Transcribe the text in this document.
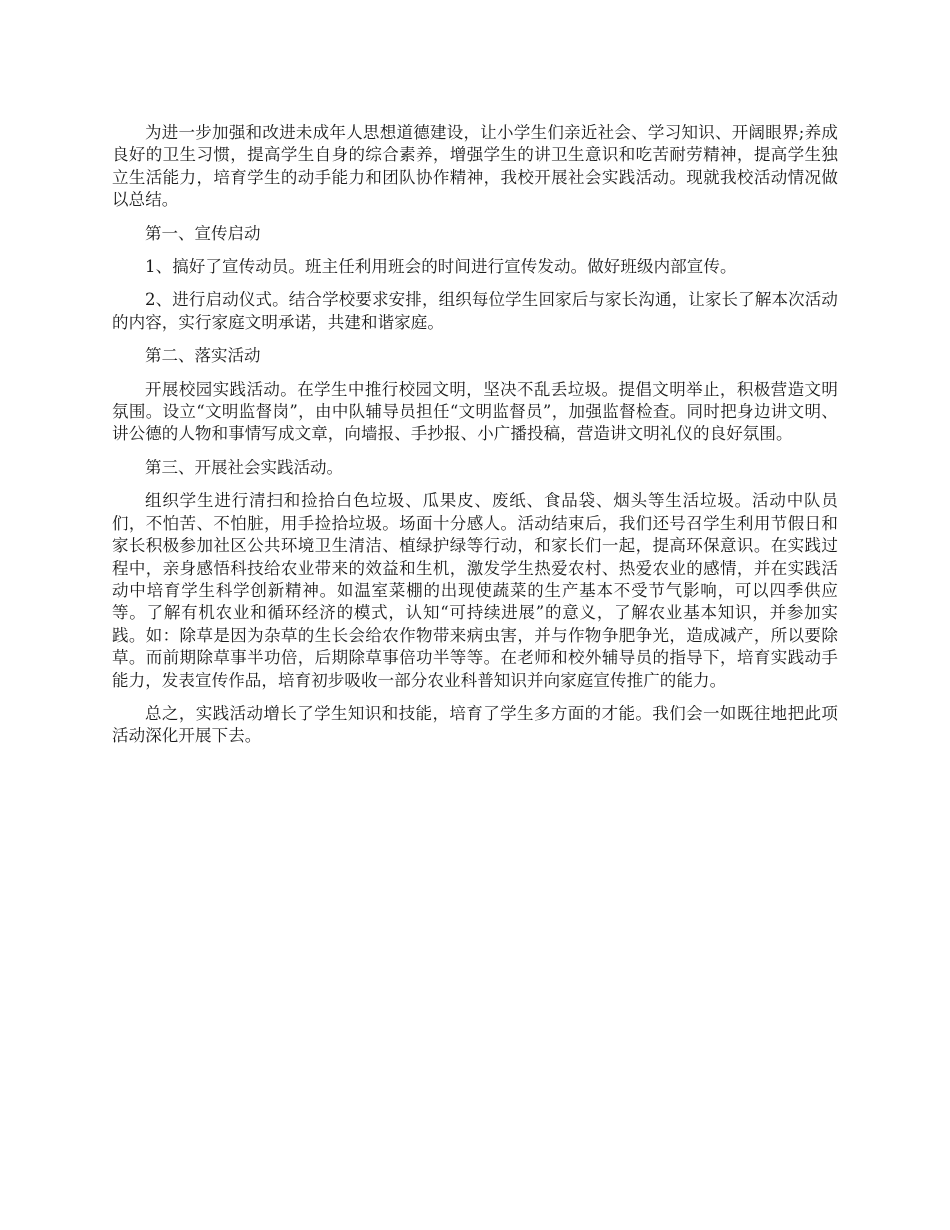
为进一步加强和改进未成年人思想道德建设，让小学生们亲近社会、学习知识、开阔眼界;养成良好的卫生习惯，提高学生自身的综合素养，增强学生的讲卫生意识和吃苦耐劳精神，提高学生独立生活能力，培育学生的动手能力和团队协作精神，我校开展社会实践活动。现就我校活动情况做以总结。

第一、宣传启动

1、搞好了宣传动员。班主任利用班会的时间进行宣传发动。做好班级内部宣传。

2、进行启动仪式。结合学校要求安排，组织每位学生回家后与家长沟通，让家长了解本次活动的内容，实行家庭文明承诺，共建和谐家庭。

第二、落实活动

开展校园实践活动。在学生中推行校园文明，坚决不乱丢垃圾。提倡文明举止，积极营造文明氛围。设立“文明监督岗”，由中队辅导员担任“文明监督员”，加强监督检查。同时把身边讲文明、讲公德的人物和事情写成文章，向墙报、手抄报、小广播投稿，营造讲文明礼仪的良好氛围。

第三、开展社会实践活动。

组织学生进行清扫和捡拾白色垃圾、瓜果皮、废纸、食品袋、烟头等生活垃圾。活动中队员们，不怕苦、不怕脏，用手捡拾垃圾。场面十分感人。活动结束后，我们还号召学生利用节假日和家长积极参加社区公共环境卫生清洁、植绿护绿等行动，和家长们一起，提高环保意识。在实践过程中，亲身感悟科技给农业带来的效益和生机，激发学生热爱农村、热爱农业的感情，并在实践活动中培育学生科学创新精神。如温室菜棚的出现使蔬菜的生产基本不受节气影响，可以四季供应等。了解有机农业和循环经济的模式，认知“可持续进展”的意义，了解农业基本知识，并参加实践。如：除草是因为杂草的生长会给农作物带来病虫害，并与作物争肥争光，造成减产，所以要除草。而前期除草事半功倍，后期除草事倍功半等等。在老师和校外辅导员的指导下，培育实践动手能力，发表宣传作品，培育初步吸收一部分农业科普知识并向家庭宣传推广的能力。

总之，实践活动增长了学生知识和技能，培育了学生多方面的才能。我们会一如既往地把此项活动深化开展下去。
